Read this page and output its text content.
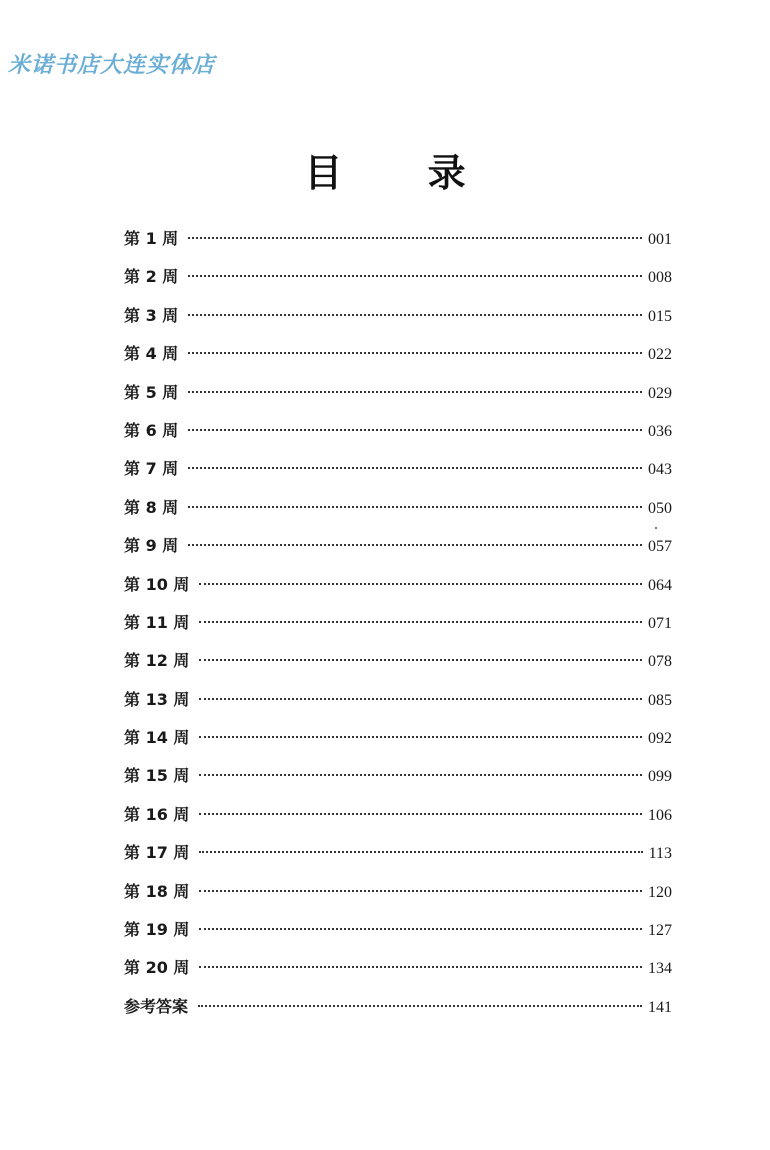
米诺书店大连实体店
目 录
第 1 周	001
第 2 周	008
第 3 周	015
第 4 周	022
第 5 周	029
第 6 周	036
第 7 周	043
第 8 周	050
第 9 周	057
第 10 周	064
第 11 周	071
第 12 周	078
第 13 周	085
第 14 周	092
第 15 周	099
第 16 周	106
第 17 周	113
第 18 周	120
第 19 周	127
第 20 周	134
参考答案	141
